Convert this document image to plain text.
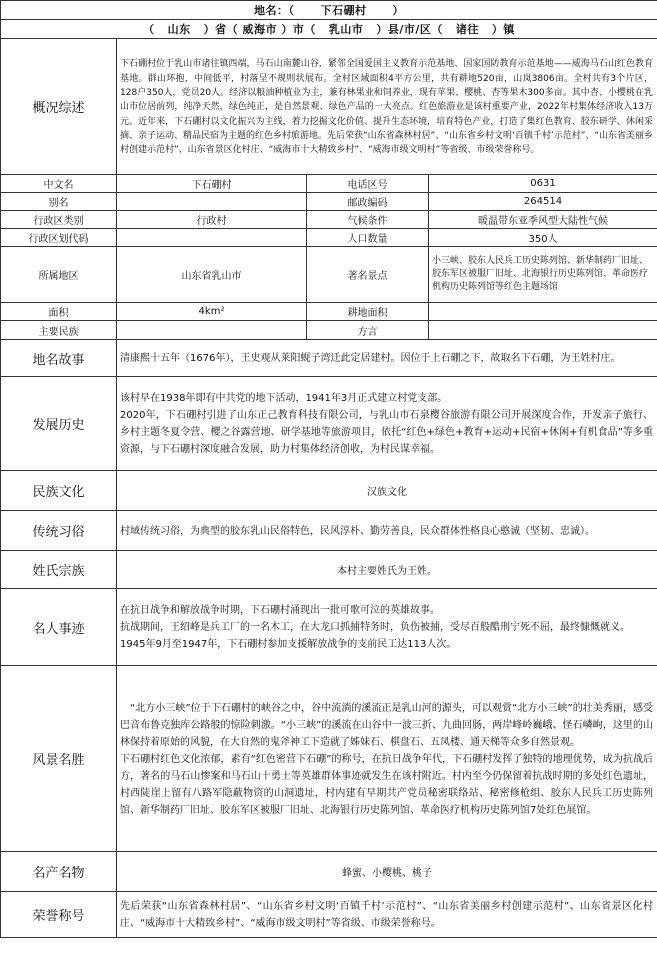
地名：（      下石硼村      ）			
（   山东 ）省（ 威海市 ）市（ 乳山市 ）县/市/区（ 诸往 ）镇			
概况综述	下石硼村位于乳山市诸往镇西端，马石山南麓山谷，紧邻全国爱国主义教育示范基地、国家国防教育示范基地——威海马石山红色教育基地。群山环抱，中间低平，村落呈不规则状展布。全村区域面积4平方公里，共有耕地520亩，山岚3806亩。全村共有3个片区，128户350人，党员20人。经济以粮油种植业为主，兼有林果业和饲养业，现有苹果、樱桃、杏等果木300多亩。其中杏、小樱桃在乳山市位居前列，纯净天然，绿色纯正，是自然景观、绿色产品的一大亮点。红色旅游业是该村重要产业，2022年村集体经济收入13万元。近年来，下石硼村以文化振兴为主线，着力挖掘文化价值、提升生态环境，培育特色产业，打造了集红色教育、胶东研学、休闲采摘、亲子运动、精品民宿为主题的红色乡村旅游地。先后荣获“山东省森林村居”、“山东省乡村文明‘百镇千村’示范村”、“山东省美丽乡村创建示范村”、山东省景区化村庄、“威海市十大精致乡村”、“威海市级文明村”等省级、市级荣誉称号。		
中文名	下石硼村	电话区号	0631
别名		邮政编码	264514
行政区类别	行政村	气候条件	暖温带东亚季风型大陆性气候
行政区划代码		人口数量	350人
所属地区	山东省乳山市	著名景点	小三峡、胶东人民兵工历史陈列馆、新华制药厂旧址、胶东军区被服厂旧址、北海银行历史陈列馆、革命医疗机构历史陈列馆等红色主题场馆
面积	4km²	耕地面积	
主要民族		方言	
地名故事	清康熙十五年（1676年），王史观从莱阳蚬子湾迁此定居建村。因位于上石硼之下，故取名下石硼，为王姓村庄。		
发展历史	该村早在1938年即有中共党的地下活动，1941年3月正式建立村党支部。

2020年，下石硼村引进了山东正己教育科技有限公司，与乳山市石泉樱谷旅游有限公司开展深度合作，开发亲子旅行、乡村主题冬夏令营、樱之谷露营地、研学基地等旅游项目，依托“红色+绿色+教育+运动+民宿+休闲+有机食品”等多重资源，与下石硼村深度融合发展，助力村集体经济创收，为村民谋幸福。		

民族文化	汉族文化		
传统习俗	村域传统习俗，为典型的胶东乳山民俗特色，民风淳朴、勤劳善良，民众群体性格良心憨诚（坚韧、忠诚）。		
姓氏宗族	本村主要姓氏为王姓。		
名人事迹	在抗日战争和解放战争时期，下石硼村涌现出一批可歌可泣的英雄故事。

抗战期间，王绍峰是兵工厂的一名木工，在大龙口抓捕特务时，负伤被捕，受尽百般酷刑宁死不屈，最终慷慨就义。

1945年9月至1947年，下石硼村参加支援解放战争的支前民工达113人次。		

风景名胜	“北方小三峡”位于下石硼村的峡谷之中，谷中流淌的溪流正是乳山河的源头，可以观赏“北方小三峡”的壮美秀丽，感受巴音布鲁克独库公路般的惊险刺激。“小三峡”的溪流在山谷中一波三折、九曲回肠，两岸峰岭巍峨、怪石嶙峋，这里的山林保持着原始的风貌，在大自然的鬼斧神工下造就了姊妹石、棋盘石、五凤楼、通天梯等众多自然景观。

下石硼村红色文化浓郁，素有“红色密营下石硼”的称号，在抗日战争年代，下石硼村发挥了独特的地理优势，成为抗战后方，著名的马石山惨案和马石山十勇士等英雄群体事迹就发生在该村附近。村内至今仍保留着抗战时期的多处红色遗址，村西陡崖上留有八路军隐蔽物资的山洞遗址，村内建有早期共产党员秘密联络站、秘密修枪组、胶东人民兵工历史陈列馆、新华制药厂旧址、胶东军区被服厂旧址、北海银行历史陈列馆、革命医疗机构历史陈列馆7处红色展馆。		

名产名物	蜂蜜、小樱桃、桃子		
荣誉称号	先后荣获“山东省森林村居”、“山东省乡村文明‘百镇千村’示范村”、“山东省美丽乡村创建示范村”、山东省景区化村庄、“威海市十大精致乡村”、“威海市级文明村”等省级、市级荣誉称号。		
